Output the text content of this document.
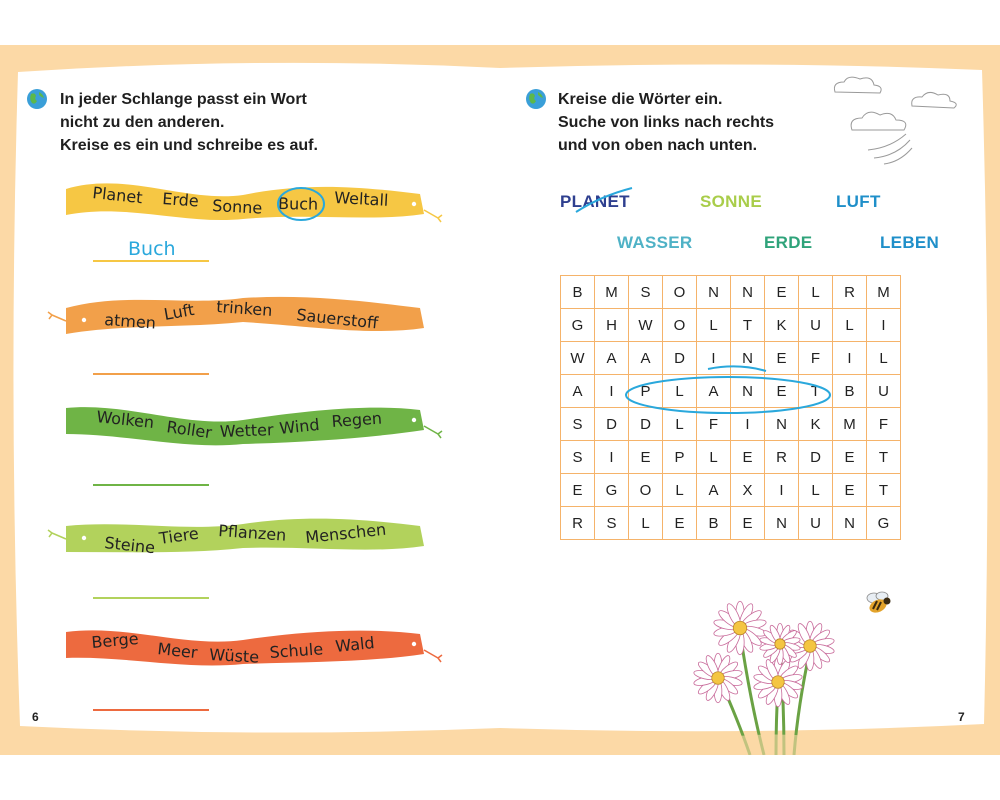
In jeder Schlange passt ein Wort
nicht zu den anderen.
Kreise es ein und schreibe es auf.
Planet Erde Sonne Buch Weltall
atmen Luft trinken Sauerstoff
Wolken Roller Wetter Wind Regen
Steine Tiere Pflanzen Menschen
Berge Meer Wüste Schule Wald
Buch
6
Kreise die Wörter ein.
Suche von links nach rechts
und von oben nach unten.
PLANET	SONNE	LUFT
WASSER	ERDE	LEBEN
B	M	S	O	N	N	E	L	R	M
G	H	W	O	L	T	K	U	L	I
W	A	A	D	I	N	E	F	I	L
A	I	P	L	A	N	E	T	B	U
S	D	D	L	F	I	N	K	M	F
S	I	E	P	L	E	R	D	E	T
E	G	O	L	A	X	I	L	E	T
R	S	L	E	B	E	N	U	N	G
7
